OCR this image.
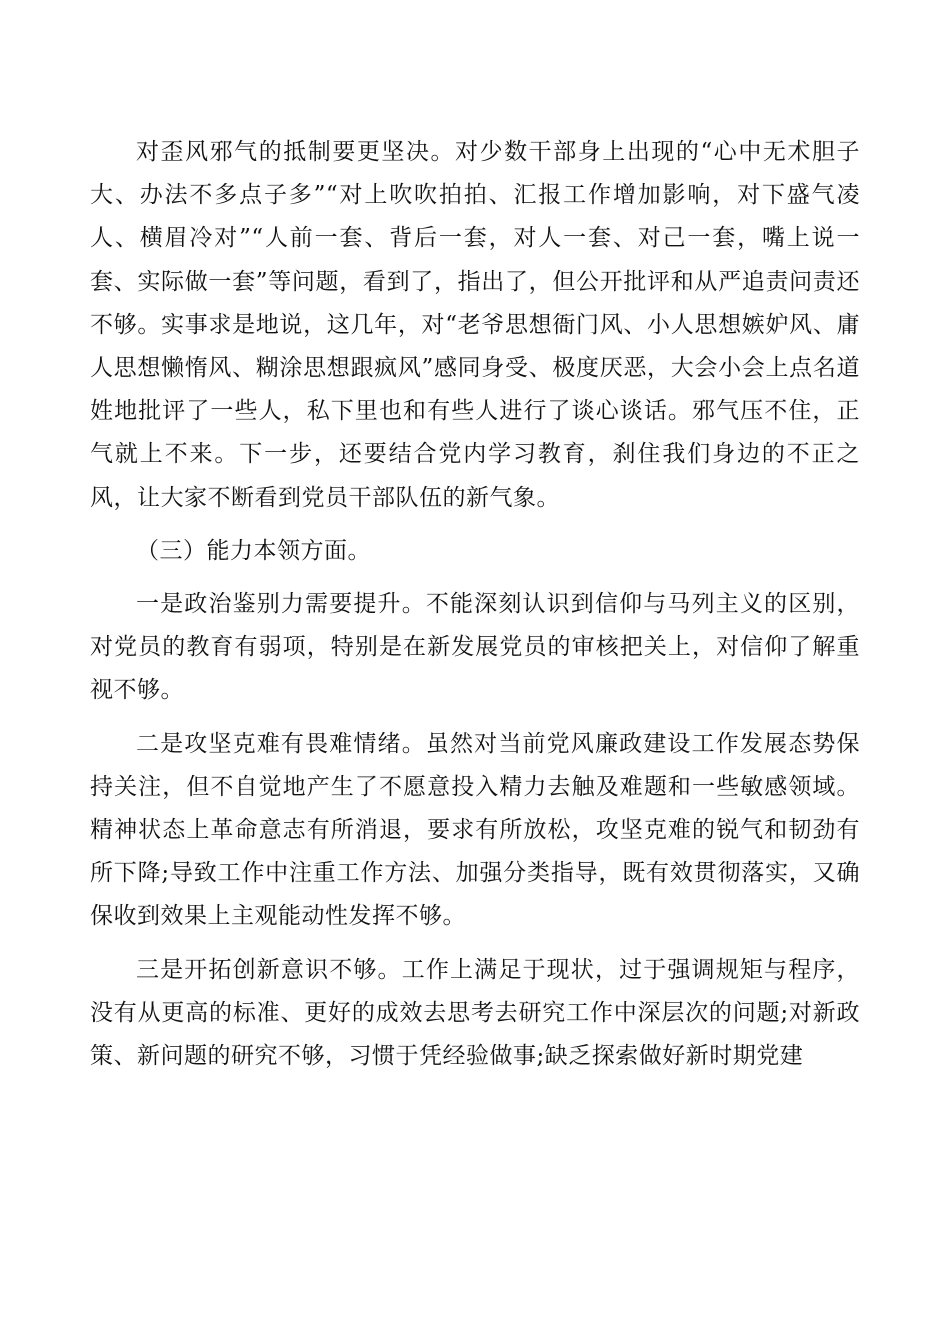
对歪风邪气的抵制要更坚决。对少数干部身上出现的“心中无术胆子大、办法不多点子多”“对上吹吹拍拍、汇报工作增加影响，对下盛气凌人、横眉冷对”“人前一套、背后一套，对人一套、对己一套，嘴上说一套、实际做一套”等问题，看到了，指出了，但公开批评和从严追责问责还不够。实事求是地说，这几年，对“老爷思想衙门风、小人思想嫉妒风、庸人思想懒惰风、糊涂思想跟疯风”感同身受、极度厌恶，大会小会上点名道姓地批评了一些人，私下里也和有些人进行了谈心谈话。邪气压不住，正气就上不来。下一步，还要结合党内学习教育，刹住我们身边的不正之风，让大家不断看到党员干部队伍的新气象。

（三）能力本领方面。

一是政治鉴别力需要提升。不能深刻认识到信仰与马列主义的区别，对党员的教育有弱项，特别是在新发展党员的审核把关上，对信仰了解重视不够。

二是攻坚克难有畏难情绪。虽然对当前党风廉政建设工作发展态势保持关注，但不自觉地产生了不愿意投入精力去触及难题和一些敏感领域。精神状态上革命意志有所消退，要求有所放松，攻坚克难的锐气和韧劲有所下降;导致工作中注重工作方法、加强分类指导，既有效贯彻落实，又确保收到效果上主观能动性发挥不够。

三是开拓创新意识不够。工作上满足于现状，过于强调规矩与程序，没有从更高的标准、更好的成效去思考去研究工作中深层次的问题;对新政策、新问题的研究不够，习惯于凭经验做事;缺乏探索做好新时期党建
